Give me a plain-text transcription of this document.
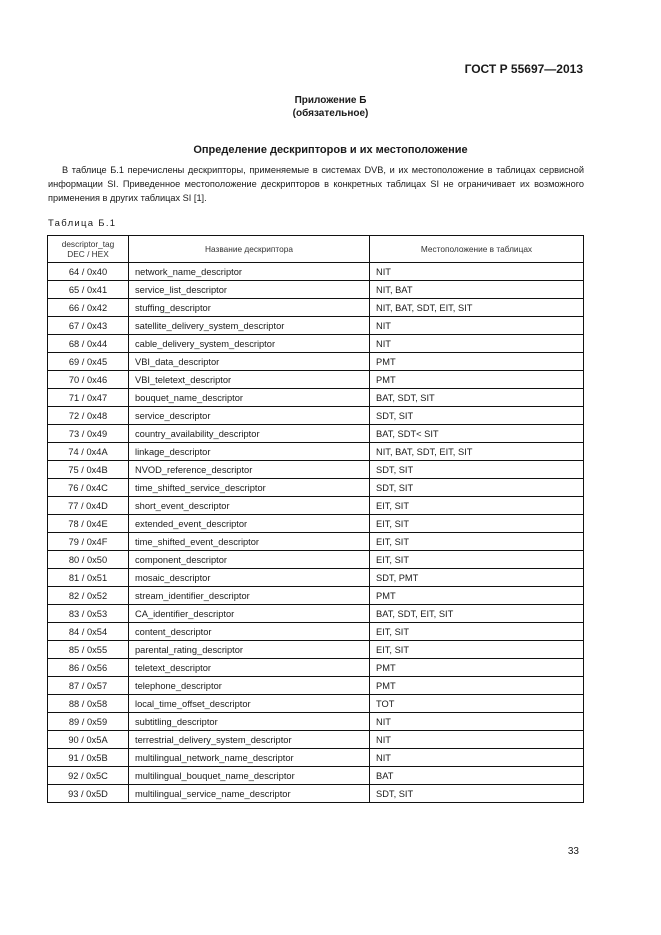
ГОСТ Р 55697—2013
Приложение Б
(обязательное)
Определение дескрипторов и их местоположение
В таблице Б.1 перечислены дескрипторы, применяемые в системах DVB, и их местоположение в таблицах сервисной информации SI. Приведенное местоположение дескрипторов в конкретных таблицах SI не ограничивает их возможного применения в других таблицах SI [1].
Таблица Б.1
descriptor_tag
DEC / HEX	Название дескриптора	Местоположение в таблицах
64 / 0x40	network_name_descriptor	NIT
65 / 0x41	service_list_descriptor	NIT, BAT
66 / 0x42	stuffing_descriptor	NIT, BAT, SDT, EIT, SIT
67 / 0x43	satellite_delivery_system_descriptor	NIT
68 / 0x44	cable_delivery_system_descriptor	NIT
69 / 0x45	VBI_data_descriptor	PMT
70 / 0x46	VBI_teletext_descriptor	PMT
71 / 0x47	bouquet_name_descriptor	BAT, SDT, SIT
72 / 0x48	service_descriptor	SDT, SIT
73 / 0x49	country_availability_descriptor	BAT, SDT< SIT
74 / 0x4A	linkage_descriptor	NIT, BAT, SDT, EIT, SIT
75 / 0x4B	NVOD_reference_descriptor	SDT, SIT
76 / 0x4C	time_shifted_service_descriptor	SDT, SIT
77 / 0x4D	short_event_descriptor	EIT, SIT
78 / 0x4E	extended_event_descriptor	EIT, SIT
79 / 0x4F	time_shifted_event_descriptor	EIT, SIT
80 / 0x50	component_descriptor	EIT, SIT
81 / 0x51	mosaic_descriptor	SDT, PMT
82 / 0x52	stream_identifier_descriptor	PMT
83 / 0x53	CA_identifier_descriptor	BAT, SDT, EIT, SIT
84 / 0x54	content_descriptor	EIT, SIT
85 / 0x55	parental_rating_descriptor	EIT, SIT
86 / 0x56	teletext_descriptor	PMT
87 / 0x57	telephone_descriptor	PMT
88 / 0x58	local_time_offset_descriptor	TOT
89 / 0x59	subtitling_descriptor	NIT
90 / 0x5A	terrestrial_delivery_system_descriptor	NIT
91 / 0x5B	multilingual_network_name_descriptor	NIT
92 / 0x5C	multilingual_bouquet_name_descriptor	BAT
93 / 0x5D	multilingual_service_name_descriptor	SDT, SIT
33
